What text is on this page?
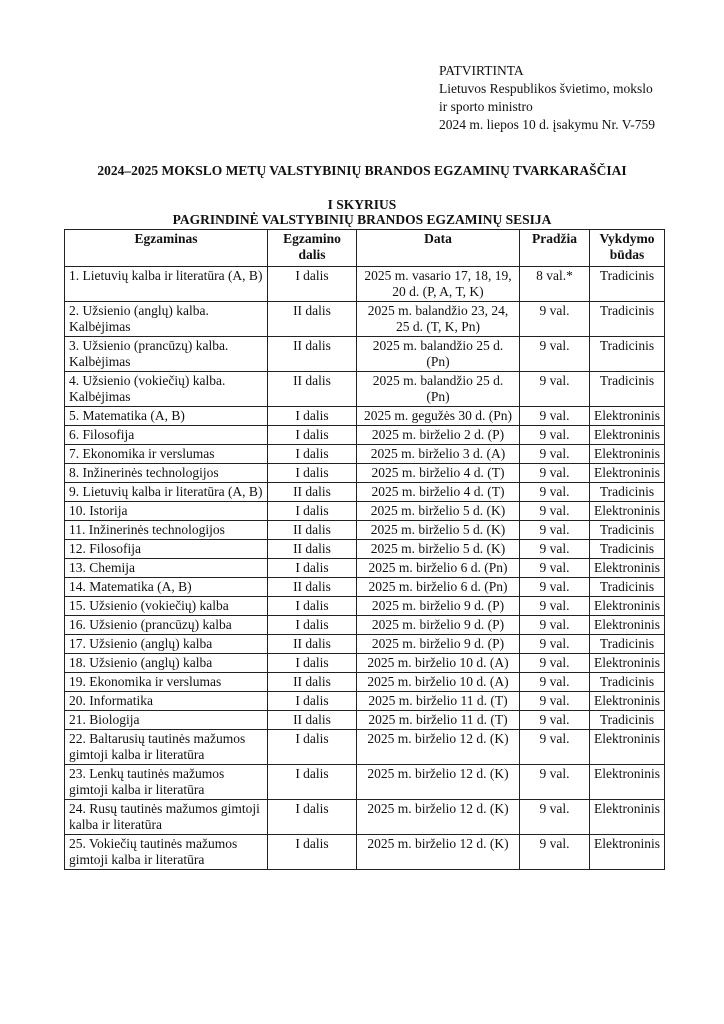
PATVIRTINTA
Lietuvos Respublikos švietimo, mokslo
ir sporto ministro
2024 m. liepos 10 d. įsakymu Nr. V-759
2024–2025 MOKSLO METŲ VALSTYBINIŲ BRANDOS EGZAMINŲ TVARKARAŠČIAI
I SKYRIUS
PAGRINDINĖ VALSTYBINIŲ BRANDOS EGZAMINŲ SESIJA
Egzaminas	Egzamino dalis	Data	Pradžia	Vykdymo būdas
1. Lietuvių kalba ir literatūra (A, B)	I dalis	2025 m. vasario 17, 18, 19, 20 d. (P, A, T, K)	8 val.*	Tradicinis
2. Užsienio (anglų) kalba. Kalbėjimas	II dalis	2025 m. balandžio 23, 24, 25 d. (T, K, Pn)	9 val.	Tradicinis
3. Užsienio (prancūzų) kalba. Kalbėjimas	II dalis	2025 m. balandžio 25 d. (Pn)	9 val.	Tradicinis
4. Užsienio (vokiečių) kalba. Kalbėjimas	II dalis	2025 m. balandžio 25 d. (Pn)	9 val.	Tradicinis
5. Matematika (A, B)	I dalis	2025 m. gegužės 30 d. (Pn)	9 val.	Elektroninis
6. Filosofija	I dalis	2025 m. birželio 2 d. (P)	9 val.	Elektroninis
7. Ekonomika ir verslumas	I dalis	2025 m. birželio 3 d. (A)	9 val.	Elektroninis
8. Inžinerinės technologijos	I dalis	2025 m. birželio 4 d. (T)	9 val.	Elektroninis
9. Lietuvių kalba ir literatūra (A, B)	II dalis	2025 m. birželio 4 d. (T)	9 val.	Tradicinis
10. Istorija	I dalis	2025 m. birželio 5 d. (K)	9 val.	Elektroninis
11. Inžinerinės technologijos	II dalis	2025 m. birželio 5 d. (K)	9 val.	Tradicinis
12. Filosofija	II dalis	2025 m. birželio 5 d. (K)	9 val.	Tradicinis
13. Chemija	I dalis	2025 m. birželio 6 d. (Pn)	9 val.	Elektroninis
14. Matematika (A, B)	II dalis	2025 m. birželio 6 d. (Pn)	9 val.	Tradicinis
15. Užsienio (vokiečių) kalba	I dalis	2025 m. birželio 9 d. (P)	9 val.	Elektroninis
16. Užsienio (prancūzų) kalba	I dalis	2025 m. birželio 9 d. (P)	9 val.	Elektroninis
17. Užsienio (anglų) kalba	II dalis	2025 m. birželio 9 d. (P)	9 val.	Tradicinis
18. Užsienio (anglų) kalba	I dalis	2025 m. birželio 10 d. (A)	9 val.	Elektroninis
19. Ekonomika ir verslumas	II dalis	2025 m. birželio 10 d. (A)	9 val.	Tradicinis
20. Informatika	I dalis	2025 m. birželio 11 d. (T)	9 val.	Elektroninis
21. Biologija	II dalis	2025 m. birželio 11 d. (T)	9 val.	Tradicinis
22. Baltarusių tautinės mažumos gimtoji kalba ir literatūra	I dalis	2025 m. birželio 12 d. (K)	9 val.	Elektroninis
23. Lenkų tautinės mažumos gimtoji kalba ir literatūra	I dalis	2025 m. birželio 12 d. (K)	9 val.	Elektroninis
24. Rusų tautinės mažumos gimtoji kalba ir literatūra	I dalis	2025 m. birželio 12 d. (K)	9 val.	Elektroninis
25. Vokiečių tautinės mažumos gimtoji kalba ir literatūra	I dalis	2025 m. birželio 12 d. (K)	9 val.	Elektroninis
